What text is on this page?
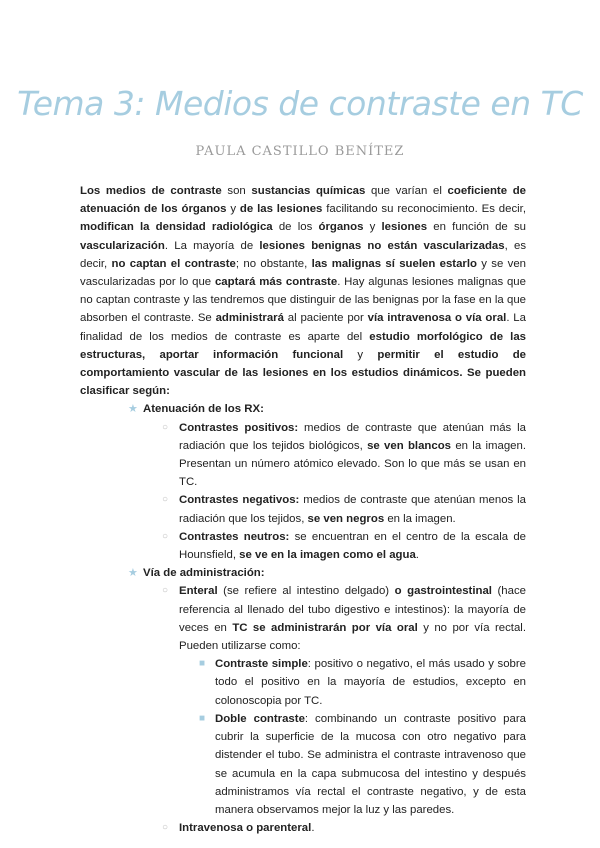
Tema 3: Medios de contraste en TC
PAULA CASTILLO BENÍTEZ

Los medios de contraste son sustancias químicas que varían el coeficiente de atenuación de los órganos y de las lesiones facilitando su reconocimiento. Es decir, modifican la densidad radiológica de los órganos y lesiones en función de su vascularización. La mayoría de lesiones benignas no están vascularizadas, es decir, no captan el contraste; no obstante, las malignas sí suelen estarlo y se ven vascularizadas por lo que captará más contraste. Hay algunas lesiones malignas que no captan contraste y las tendremos que distinguir de las benignas por la fase en la que absorben el contraste. Se administrará al paciente por vía intravenosa o vía oral. La finalidad de los medios de contraste es aparte del estudio morfológico de las estructuras, aportar información funcional y permitir el estudio de comportamiento vascular de las lesiones en los estudios dinámicos. Se pueden clasificar según:

★ Atenuación de los RX:
○ Contrastes positivos: medios de contraste que atenúan más la radiación que los tejidos biológicos, se ven blancos en la imagen. Presentan un número atómico elevado. Son lo que más se usan en TC.
○ Contrastes negativos: medios de contraste que atenúan menos la radiación que los tejidos, se ven negros en la imagen.
○ Contrastes neutros: se encuentran en el centro de la escala de Hounsfield, se ve en la imagen como el agua.
★ Vía de administración:
○ Enteral (se refiere al intestino delgado) o gastrointestinal (hace referencia al llenado del tubo digestivo e intestinos): la mayoría de veces en TC se administrarán por vía oral y no por vía rectal. Pueden utilizarse como:
■ Contraste simple: positivo o negativo, el más usado y sobre todo el positivo en la mayoría de estudios, excepto en colonoscopia por TC.
■ Doble contraste: combinando un contraste positivo para cubrir la superficie de la mucosa con otro negativo para distender el tubo. Se administra el contraste intravenoso que se acumula en la capa submucosa del intestino y después administramos vía rectal el contraste negativo, y de esta manera observamos mejor la luz y las paredes.
○ Intravenosa o parenteral.
